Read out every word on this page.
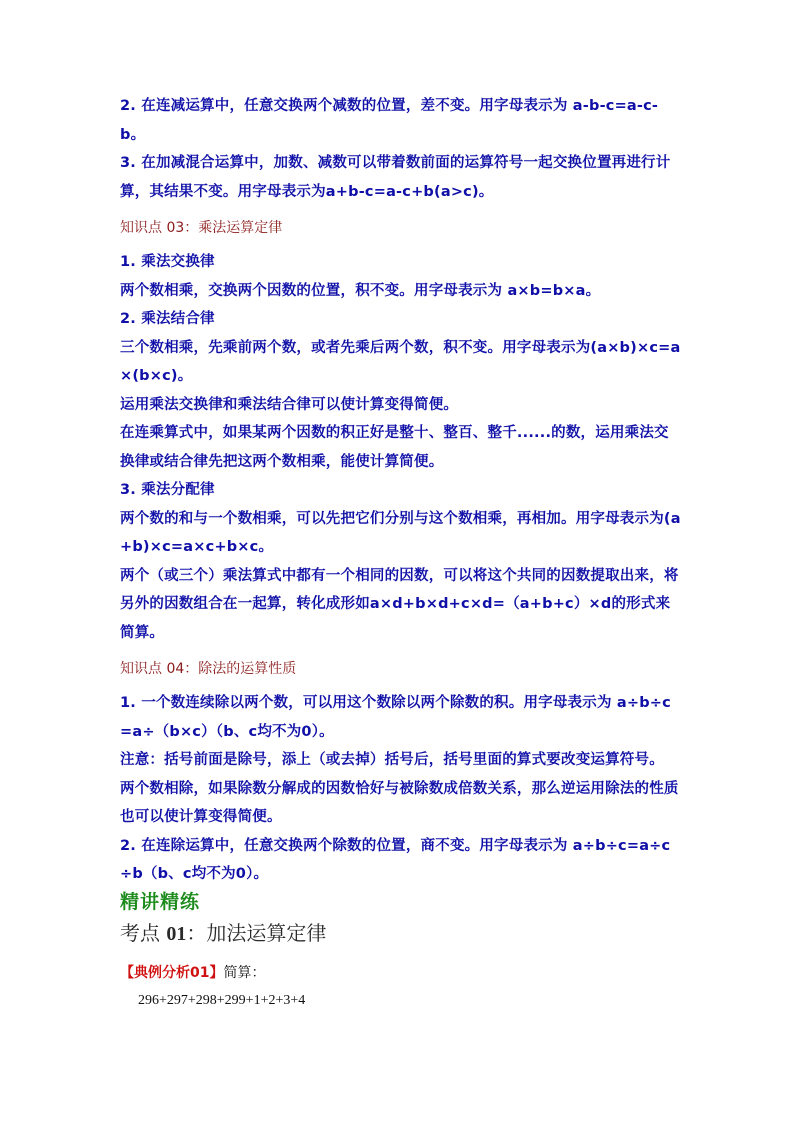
2. 在连减运算中，任意交换两个减数的位置，差不变。用字母表示为 a-b-c=a-c-b。

3. 在加减混合运算中，加数、减数可以带着数前面的运算符号一起交换位置再进行计算，其结果不变。用字母表示为a+b-c=a-c+b(a>c)。

知识点 03：乘法运算定律

1. 乘法交换律

两个数相乘，交换两个因数的位置，积不变。用字母表示为 a×b=b×a。

2. 乘法结合律

三个数相乘，先乘前两个数，或者先乘后两个数，积不变。用字母表示为(a×b)×c=a×(b×c)。

运用乘法交换律和乘法结合律可以使计算变得简便。

在连乘算式中，如果某两个因数的积正好是整十、整百、整千......的数，运用乘法交换律或结合律先把这两个数相乘，能使计算简便。

3. 乘法分配律

两个数的和与一个数相乘，可以先把它们分别与这个数相乘，再相加。用字母表示为(a+b)×c=a×c+b×c。

两个（或三个）乘法算式中都有一个相同的因数，可以将这个共同的因数提取出来，将另外的因数组合在一起算，转化成形如a×d+b×d+c×d=（a+b+c）×d的形式来简算。

知识点 04：除法的运算性质

1. 一个数连续除以两个数，可以用这个数除以两个除数的积。用字母表示为 a÷b÷c=a÷（b×c）（b、c均不为0）。

注意：括号前面是除号，添上（或去掉）括号后，括号里面的算式要改变运算符号。

两个数相除，如果除数分解成的因数恰好与被除数成倍数关系，那么逆运用除法的性质也可以使计算变得简便。

2. 在连除运算中，任意交换两个除数的位置，商不变。用字母表示为 a÷b÷c=a÷c÷b（b、c均不为0）。

精讲精练

考点 01：加法运算定律

【典例分析01】简算：

296+297+298+299+1+2+3+4
